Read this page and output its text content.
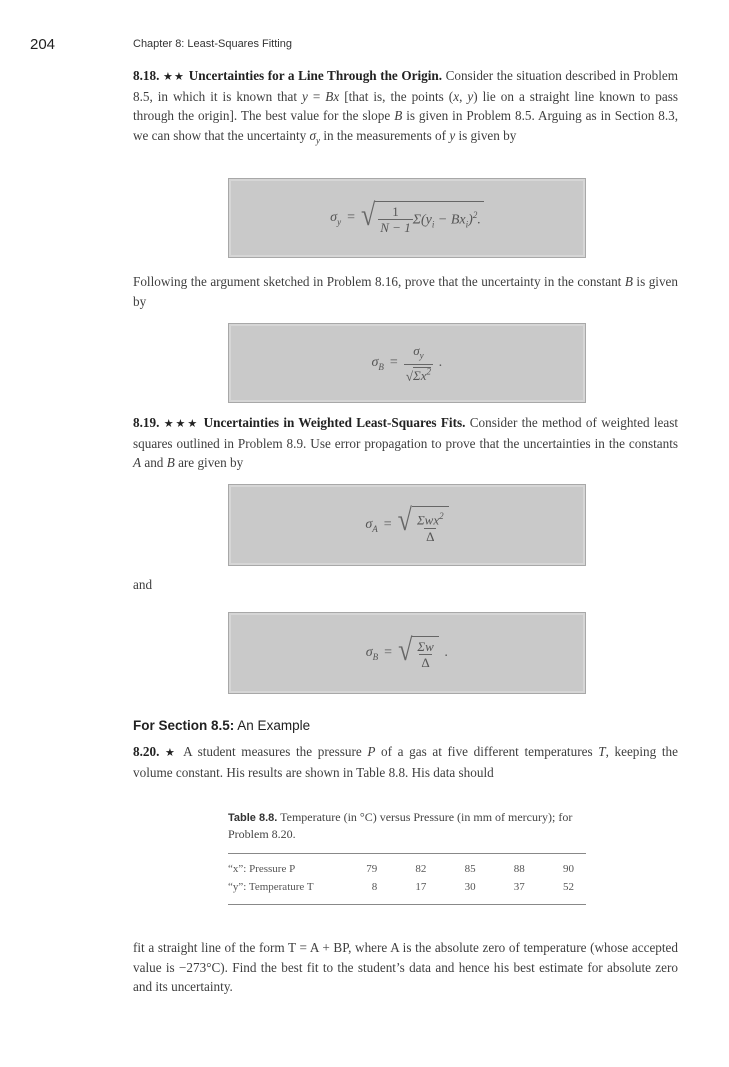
204	Chapter 8: Least-Squares Fitting
8.18. ★★ Uncertainties for a Line Through the Origin. Consider the situation described in Problem 8.5, in which it is known that y = Bx [that is, the points (x, y) lie on a straight line known to pass through the origin]. The best value for the slope B is given in Problem 8.5. Arguing as in Section 8.3, we can show that the uncertainty $\sigma_y$ in the measurements of y is given by
$\sigma_y$ = √ $\frac{1}{N - 1} \Sigma(y_i - Bx_i)^2$.
Following the argument sketched in Problem 8.16, prove that the uncertainty in the constant B is given by
$\sigma_B = \frac{\sigma_y}{√\Sigma x^2}$ .
8.19. ★★★ Uncertainties in Weighted Least-Squares Fits. Consider the method of weighted least squares outlined in Problem 8.9. Use error propagation to prove that the uncertainties in the constants A and B are given by
$\sigma_A$ = √ $\frac{\Sigma wx^2}{\Delta}$
and
$\sigma_B$ = √ $\frac{\Sigma w}{\Delta}$ .
For Section 8.5: An Example
8.20. ★ A student measures the pressure P of a gas at five different temperatures T, keeping the volume constant. His results are shown in Table 8.8. His data should
Table 8.8. Temperature (in °C) versus Pressure (in mm of mercury); for Problem 8.20.
“x”: Pressure P	79	82	85	88	90
“y”: Temperature T	8	17	30	37	52
fit a straight line of the form T = A + BP, where A is the absolute zero of temperature (whose accepted value is −273°C). Find the best fit to the student’s data and hence his best estimate for absolute zero and its uncertainty.
